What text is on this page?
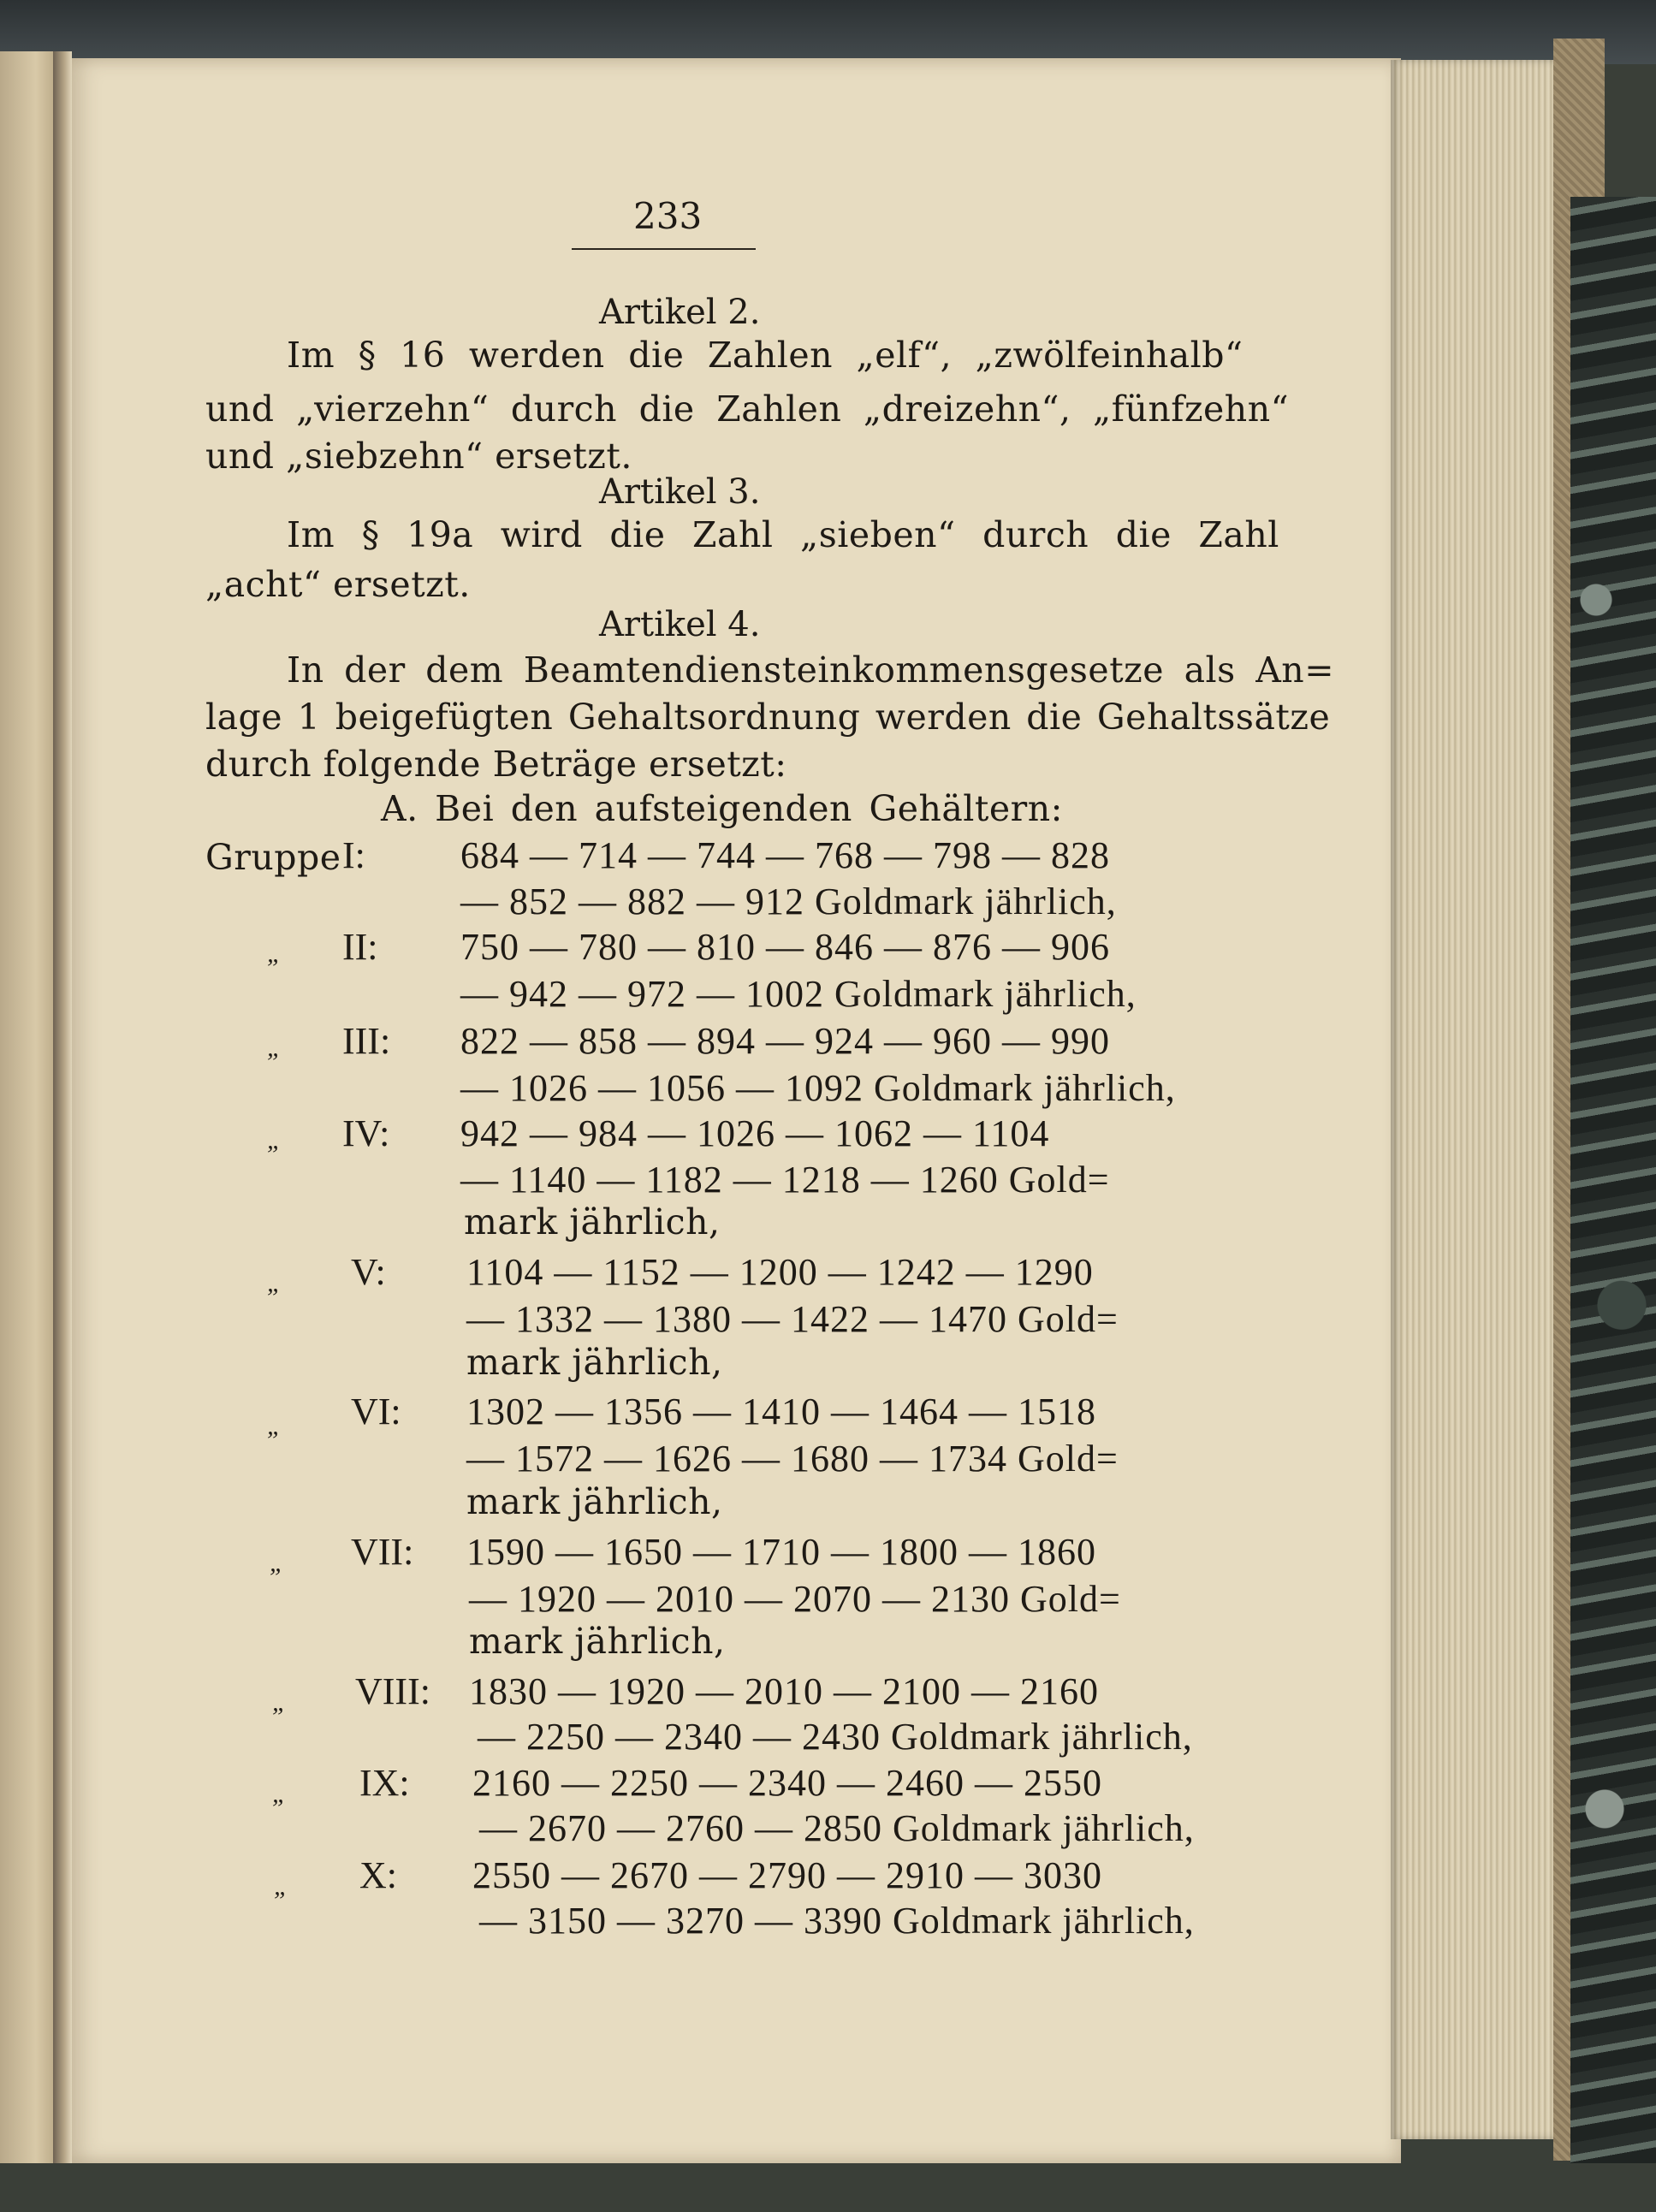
233
Artikel 2.
Im § 16 werden die Zahlen „elf“, „zwölfeinhalb“
und „vierzehn“ durch die Zahlen „dreizehn“, „fünfzehn“
und „siebzehn“ ersetzt.
Artikel 3.
Im § 19a wird die Zahl „sieben“ durch die Zahl
„acht“ ersetzt.
Artikel 4.
In der dem Beamtendiensteinkommensgesetze als An=
lage 1 beigefügten Gehaltsordnung werden die Gehaltssätze
durch folgende Beträge ersetzt:
A. Bei den aufsteigenden Gehältern:
Gruppe I:	684 — 714 — 744 — 768 — 798 — 828
— 852 — 882 — 912 Goldmark jährlich,
„ II: 750 — 780 — 810 — 846 — 876 — 906
— 942 — 972 — 1002 Goldmark jährlich,
„ III: 822 — 858 — 894 — 924 — 960 — 990
— 1026 — 1056 — 1092 Goldmark jährlich,
„ IV: 942 — 984 — 1026 — 1062 — 1104
— 1140 — 1182 — 1218 — 1260 Gold=
mark jährlich,
„ V: 1104 — 1152 — 1200 — 1242 — 1290
— 1332 — 1380 — 1422 — 1470 Gold=
mark jährlich,
„ VI: 1302 — 1356 — 1410 — 1464 — 1518
— 1572 — 1626 — 1680 — 1734 Gold=
mark jährlich,
„ VII: 1590 — 1650 — 1710 — 1800 — 1860
— 1920 — 2010 — 2070 — 2130 Gold=
mark jährlich,
„ VIII: 1830 — 1920 — 2010 — 2100 — 2160
— 2250 — 2340 — 2430 Goldmark jährlich,
„ IX: 2160 — 2250 — 2340 — 2460 — 2550
— 2670 — 2760 — 2850 Goldmark jährlich,
„ X: 2550 — 2670 — 2790 — 2910 — 3030
— 3150 — 3270 — 3390 Goldmark jährlich,
